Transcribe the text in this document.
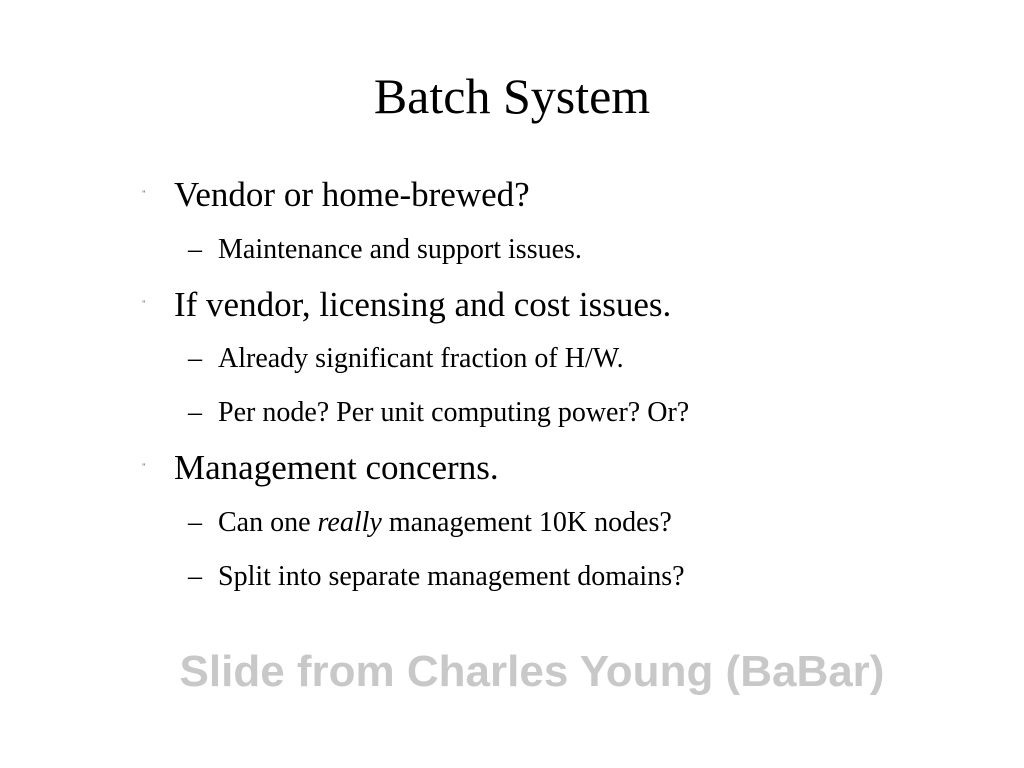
Batch System
" Vendor or home-brewed?
– Maintenance and support issues.
" If vendor, licensing and cost issues.
– Already significant fraction of H/W.
– Per node? Per unit computing power? Or?
" Management concerns.
– Can one really management 10K nodes?
– Split into separate management domains?
Slide from Charles Young (BaBar)
